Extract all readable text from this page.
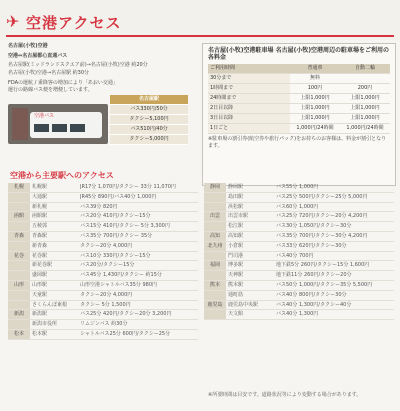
✈ 空港アクセス
名古屋(小牧)空港
空港⇔名古屋都心直通バス
名古屋駅(ミッドランドスクエア前)→名古屋(小牧)空港 約20分
名古屋(小牧)空港→名古屋駅 約30分
FDAの運航 / 乗降客の増加により「あおい交通」
運行の路線バス便を増便しています。
名古屋駅
バス330円/50分
タクシー5,100円
バス510円/40分
タクシー5,000円
空港バス
名古屋(小牧)空港駐車場 名古屋(小牧)空港周辺の駐車場をご利用の各料金
ご利用時間	普通車	自動二輪
30分まで	無料
1時間まで	100円	200円
24時間まで	上限1,000円	上限1,000円
2日目以降	上限1,000円	上限1,000円
3日目以降	上限1,000円	上限1,000円
1日ごと	1,000円/24時間	1,000円/24時間
※駐車場の割引券(航空券や旅行パック)をお持ちのお客様は、料金が割引となります。
空港から主要駅へのアクセス
札幌	札幌駅	JR17分 1,070円/タクシー 33分 11,070円
大通駅	JR45分 890円/バス40分 1,000円
新札幌	バス39分 820円
函館	函館駅	バス20分 410円/タクシー15分
五稜郭	バス15分 410円/タクシー 5分 3,300円
青森	青森駅	バス35分 700円/タクシー 35分
新青森	タクシー20分 4,000円
花巻	花巻駅	バス10分 330円/タクシー15分
新花巻駅	バス20分/タクシー15分
盛岡駅	バス45分 1,430円/タクシー 約15分
山形	山形駅	山形空港シャトルバス35分 980円
天童駅	タクシー20分 4,000円
さくらんぼ東根	タクシー 5分 1,500円
新潟	新潟駅	バス25分 420円/タクシー20分 3,200円
新潟市役所	リムジンバス 約30分
松本	松本駅	シャトルバス25分 600円/タクシー25分
静岡	静岡駅	バス55分 1,000円
島田駅	バス25分 500円/タクシー25分 5,000円
浜松駅	バス60分 1,000円
出雲	出雲市駅	バス25分 720円/タクシー20分 4,200円
松江駅	バス30分 1,050円/タクシー30分
高知	高知駅	バス35分 700円/タクシー30分 4,200円
北九州	小倉駅	バス33分 620円/タクシー30分
門司港	バス40分 700円
福岡	博多駅	地下鉄5分 260円/タクシー15分 1,600円
天神駅	地下鉄11分 260円/タクシー20分
熊本	熊本駅	バス50分 1,000円/タクシー35分 5,500円
通町筋	バス40分 800円/タクシー30分
鹿児島	鹿児島中央駅	バス40分 1,300円/タクシー40分
天文館	バス40分 1,300円
※所要時間は目安です。道路状況等により変動する場合があります。
